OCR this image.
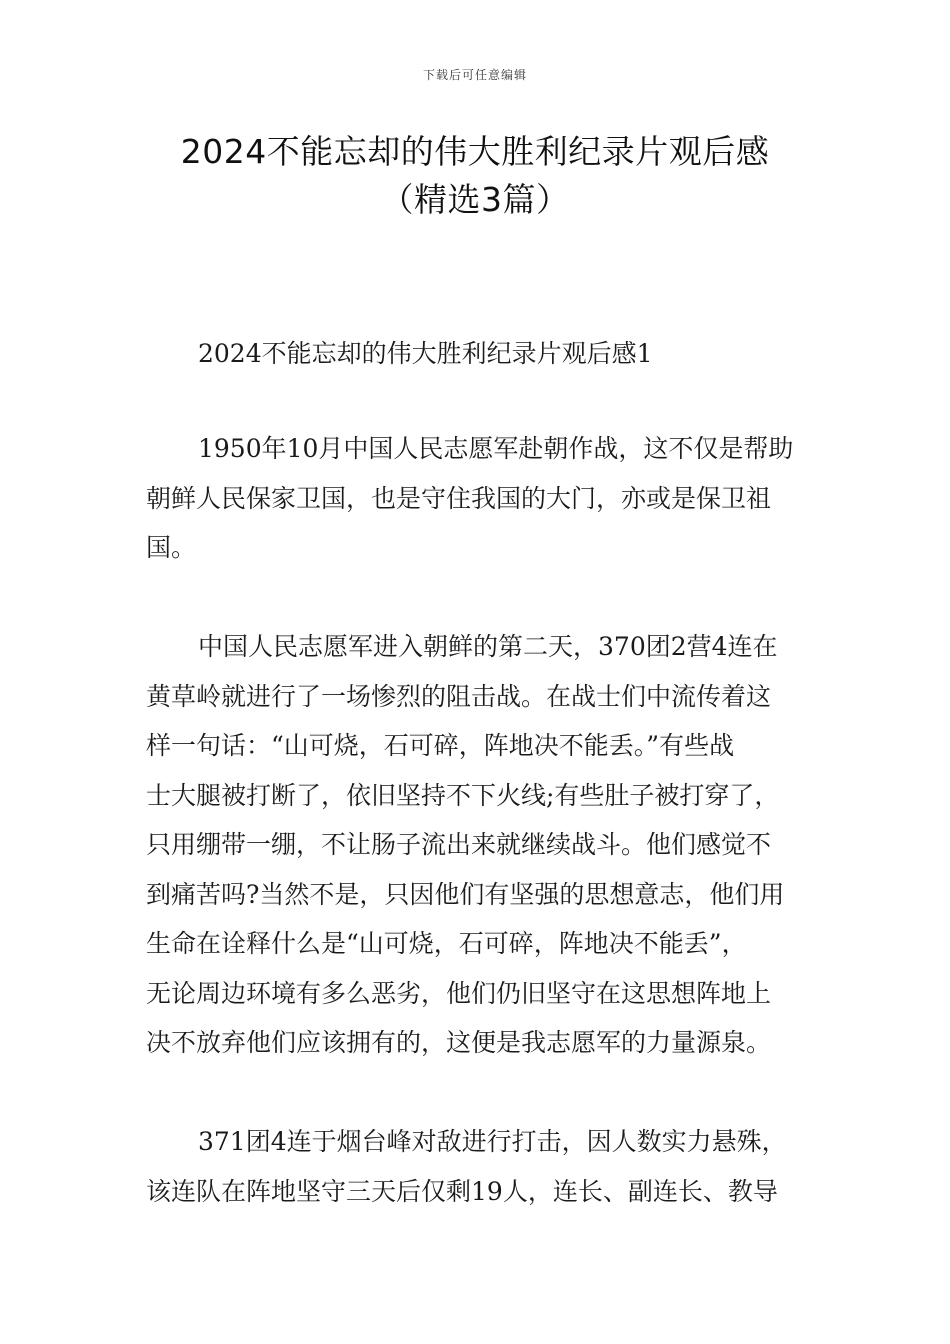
下载后可任意编辑
2024不能忘却的伟大胜利纪录片观后感
（精选3篇）
2024不能忘却的伟大胜利纪录片观后感1
1950年10月中国人民志愿军赴朝作战，这不仅是帮助
朝鲜人民保家卫国，也是守住我国的大门，亦或是保卫祖
国。
中国人民志愿军进入朝鲜的第二天，370团2营4连在
黄草岭就进行了一场惨烈的阻击战。在战士们中流传着这
样一句话：“山可烧，石可碎，阵地决不能丢。”有些战
士大腿被打断了，依旧坚持不下火线;有些肚子被打穿了，
只用绷带一绷，不让肠子流出来就继续战斗。他们感觉不
到痛苦吗?当然不是，只因他们有坚强的思想意志，他们用
生命在诠释什么是“山可烧，石可碎，阵地决不能丢”，
无论周边环境有多么恶劣，他们仍旧坚守在这思想阵地上
决不放弃他们应该拥有的，这便是我志愿军的力量源泉。
371团4连于烟台峰对敌进行打击，因人数实力悬殊，
该连队在阵地坚守三天后仅剩19人，连长、副连长、教导
